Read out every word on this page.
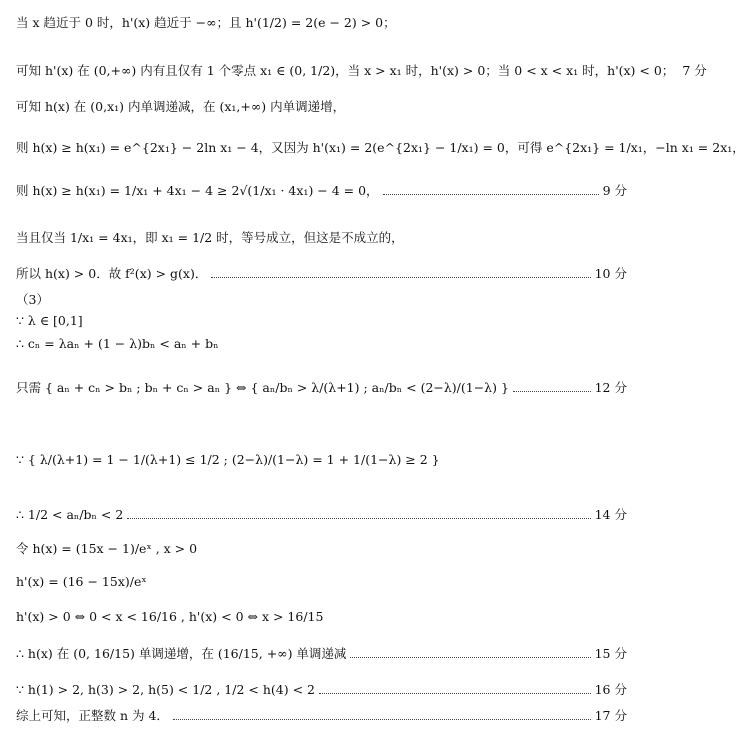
当 x 趋近于 0 时，h'(x) 趋近于 −∞；且 h'(1/2) = 2(e − 2) > 0；
可知 h'(x) 在 (0,+∞) 内有且仅有 1 个零点 x₁ ∈ (0, 1/2)，当 x > x₁ 时，h'(x) > 0；当 0 < x < x₁ 时，h'(x) < 0； 7 分
可知 h(x) 在 (0,x₁) 内单调递减，在 (x₁,+∞) 内单调递增，
则 h(x) ≥ h(x₁) = e^{2x₁} − 2ln x₁ − 4，又因为 h'(x₁) = 2(e^{2x₁} − 1/x₁) = 0，可得 e^{2x₁} = 1/x₁，−ln x₁ = 2x₁，
则 h(x) ≥ h(x₁) = 1/x₁ + 4x₁ − 4 ≥ 2√(1/x₁ · 4x₁) − 4 = 0，	9 分
当且仅当 1/x₁ = 4x₁，即 x₁ = 1/2 时，等号成立，但这是不成立的，
所以 h(x) > 0．故 f²(x) > g(x)．	10 分
（3）
∵ λ ∈ [0,1]
∴ cₙ = λaₙ + (1 − λ)bₙ < aₙ + bₙ
只需 { aₙ + cₙ > bₙ ; bₙ + cₙ > aₙ } ⇔ { aₙ/bₙ > λ/(λ+1) ; aₙ/bₙ < (2−λ)/(1−λ) }	12 分
∵ { λ/(λ+1) = 1 − 1/(λ+1) ≤ 1/2 ; (2−λ)/(1−λ) = 1 + 1/(1−λ) ≥ 2 }
∴ 1/2 < aₙ/bₙ < 2	14 分
令 h(x) = (15x − 1)/eˣ , x > 0
h'(x) = (16 − 15x)/eˣ
h'(x) > 0 ⇔ 0 < x < 16/16 , h'(x) < 0 ⇔ x > 16/15
∴ h(x) 在 (0, 16/15) 单调递增，在 (16/15, +∞) 单调递减	15 分
∵ h(1) > 2, h(3) > 2, h(5) < 1/2 , 1/2 < h(4) < 2	16 分
综上可知，正整数 n 为 4．	17 分
